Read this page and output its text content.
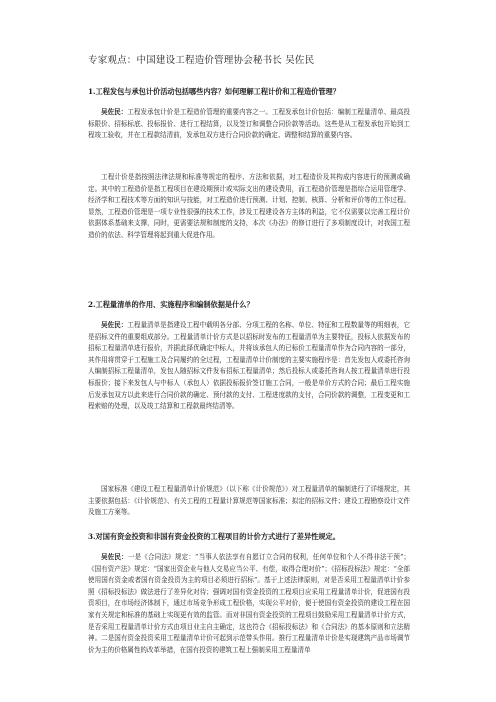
专家观点：中国建设工程造价管理协会秘书长 吴佐民
1.工程发包与承包计价活动包括哪些内容？如何理解工程计价和工程造价管理？
吴佐民：工程发承包计价是工程造价管理的重要内容之一。工程发承包计价包括：编制工程量清单、最高投标限价、招标标底、投标报价、进行工程结算，以及签订和调整合同价款等活动。这些是从工程发承包开始到工程竣工验收，并在工程款结清前，发承包双方进行合同价款的确定、调整和结算的重要内容。
工程计价是指按照法律法规和标准等规定的程序、方法和依据，对工程造价及其构成内容进行的预测或确定。其中的工程造价是指工程项目在建设期预计或实际支出的建设费用，而工程造价管理是指综合运用管理学、经济学和工程技术等方面的知识与技能，对工程造价进行预测、计划、控制、核算、分析和评价等的工作过程。显然，工程造价管理是一项专业性很强的技术工作，涉及工程建设各方主体的利益，它不仅需要以完善工程计价依据体系基础来支撑，同时，更需要法规和制度的支持，本次《办法》的修订进行了多项制度设计，对我国工程造价的依法、科学管理将起到重大促进作用。
2.工程量清单的作用、实施程序和编制依据是什么？
吴佐民：工程量清单是指建设工程中载明各分部、分项工程的名称、单位、特征和工程数量等的明细表，它是招标文件的重要组成部分。工程量清单计价方式是以招标时发布的工程量清单为主要特征，投标人依据发布的招标工程量清单进行报价，并据此择优确定中标人，并将该承包人的已标价工程量清单作为合同内容的一部分，其作用将贯穿于工程施工及合同履约的全过程，工程量清单计价制度的主要实施程序是：首先发包人或委托咨询人编制招标工程量清单，发包人随招标文件发布招标工程量清单；然后投标人或委托咨询人按工程量清单进行投标报价；接下来发包人与中标人（承包人）依据投标报价签订施工合同，一般是单价方式的合同；最后工程实施后发承包双方以此来进行合同价款的确定、预付款的支付、工程进度款的支付，合同价款的调整，工程变更和工程索赔的处理，以及竣工结算和工程款最终结清等。
国家标准《建设工程工程量清单计价规范》（以下称《计价规范》）对工程量清单的编制进行了详细规定，其主要依据包括：《计价规范》、有关工程的工程量计算规范等国家标准；拟定的招标文件；建设工程勘察设计文件及施工方案等。
3.对国有资金投资和非国有资金投资的工程项目的计价方式进行了差异性规定。
吴佐民：一是《合同法》规定：“当事人依法享有自愿订立合同的权利，任何单位和个人不得非法干预”；《国有资产法》规定：“国家出资企业与他人交易应当公平、有偿，取得合理对价”；《招标投标法》规定：“全部使用国有资金或者国有资金投资为主的项目必须进行招标”。基于上述法律原则，对是否采用工程量清单计价参照《招标投标法》做法进行了差异化对待；强调对国有资金投资的工程项目应采用工程量清单计价，促进国有投资项目，在市场经济体制下，通过市场竞争形成工程价格，实现公平对价，便于使国有资金投资的建设工程在国家有关规定和标准的基础上实现更有效的监管。而对非国有资金投资的工程项目鼓励采用工程量清单计价方式，是否采用工程量清单计价方式由项目业主自主确定，这也符合《招标投标法》和《合同法》的基本原则和立法精神。二是国有资金投资采用工程量清单计价可起到示范带头作用。推行工程量清单计价是实现建筑产品市场调节价为主的价格属性的改革举措，在国有投资的建筑工程上强制采用工程量清单
